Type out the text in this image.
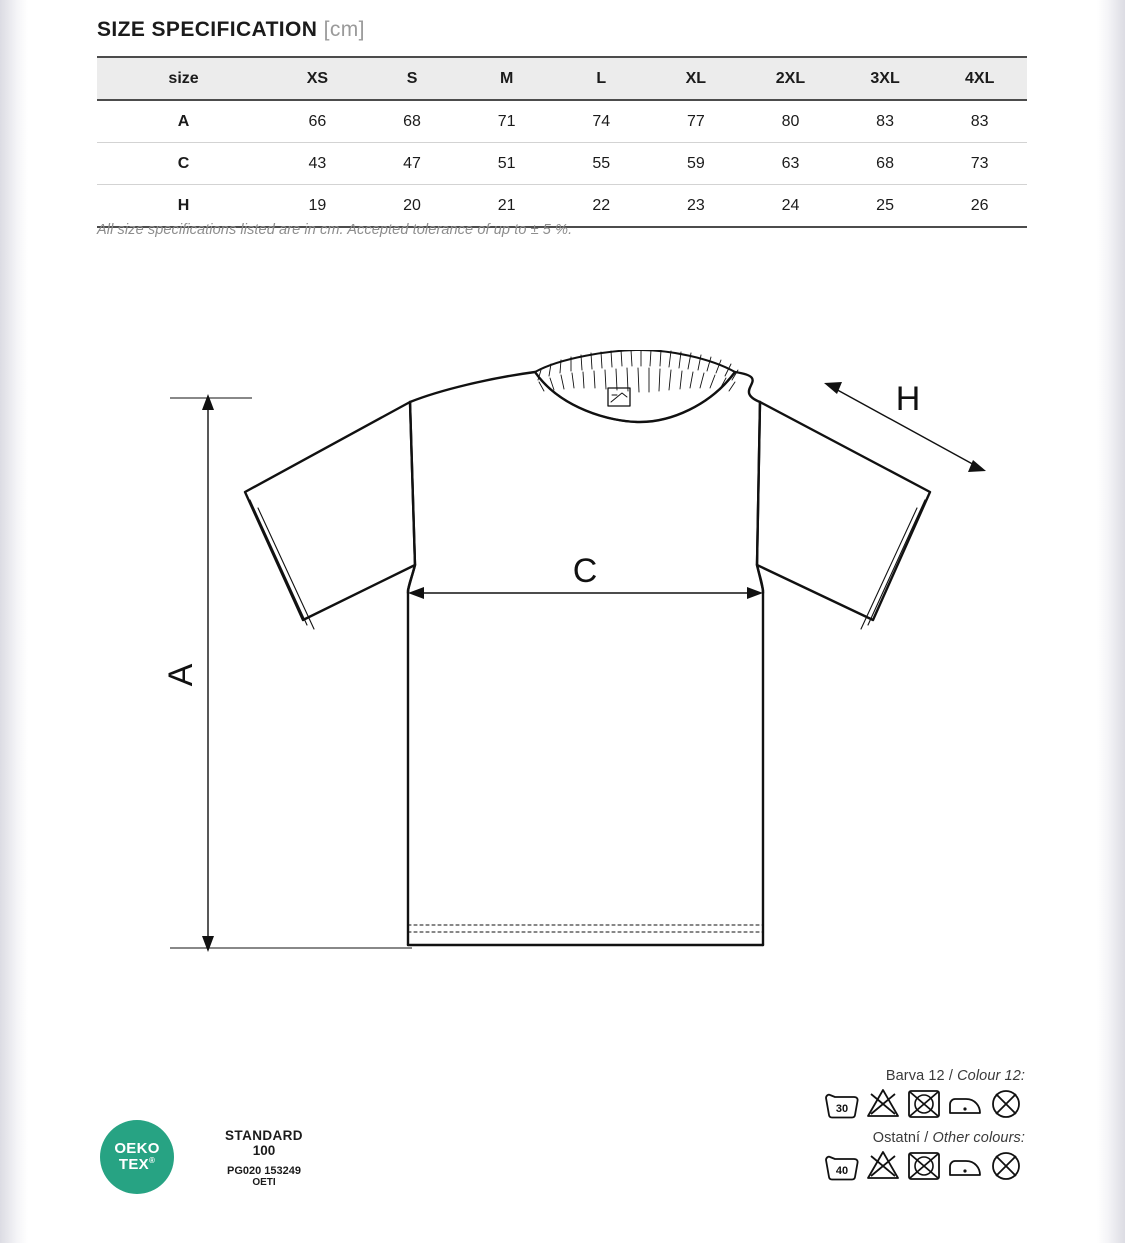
SIZE SPECIFICATION [cm]
size	XS	S	M	L	XL	2XL	3XL	4XL
A	66	68	71	74	77	80	83	83
C	43	47	51	55	59	63	68	73
H	19	20	21	22	23	24	25	26
All size specifications listed are in cm. Accepted tolerance of up to ± 5 %.
A
C
H
OEKO
TEX®
STANDARD
100
PG020 153249
OETI
Barva 12 / Colour 12:
30
Ostatní / Other colours:
40
